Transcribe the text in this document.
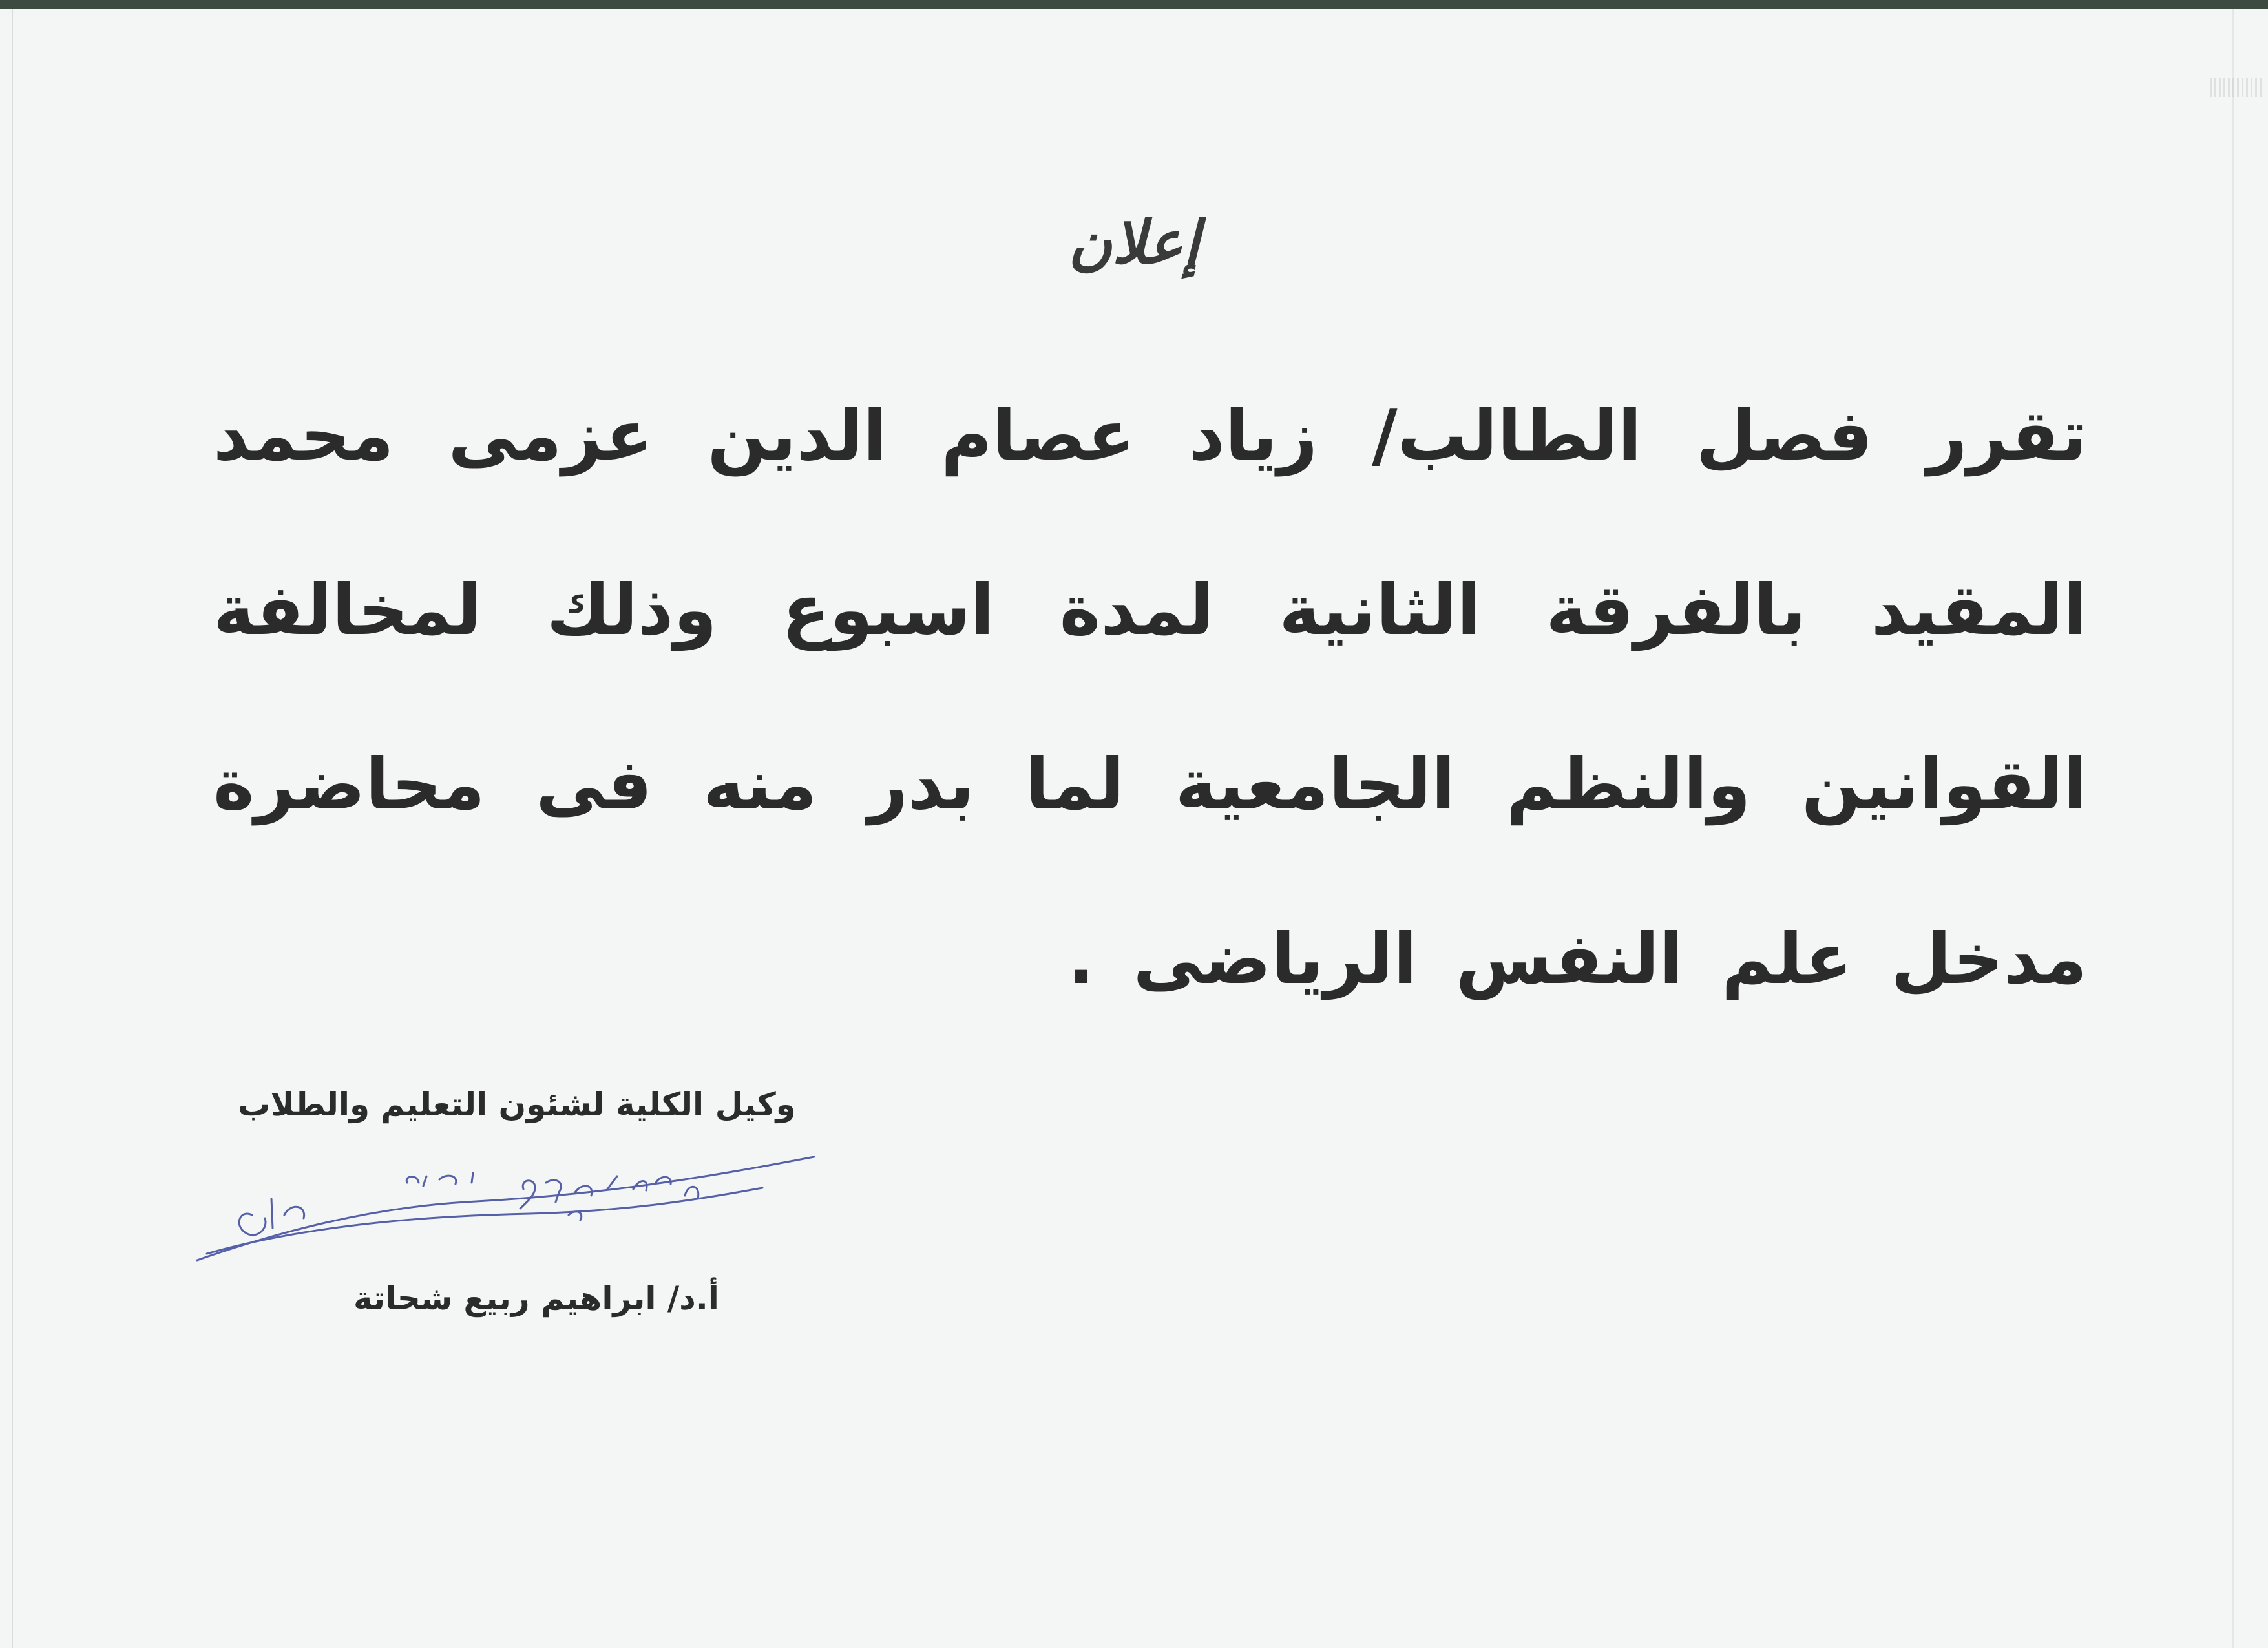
إعلان
تقرر فصل الطالب/ زياد عصام الدين عزمى محمد المقيد بالفرقة الثانية لمدة اسبوع وذلك لمخالفة القوانين والنظم الجامعية لما بدر منه فى محاضرة مدخل علم النفس الرياضى .
وكيل الكلية لشئون التعليم والطلاب
أ.د/ ابراهيم ربيع شحاتة
